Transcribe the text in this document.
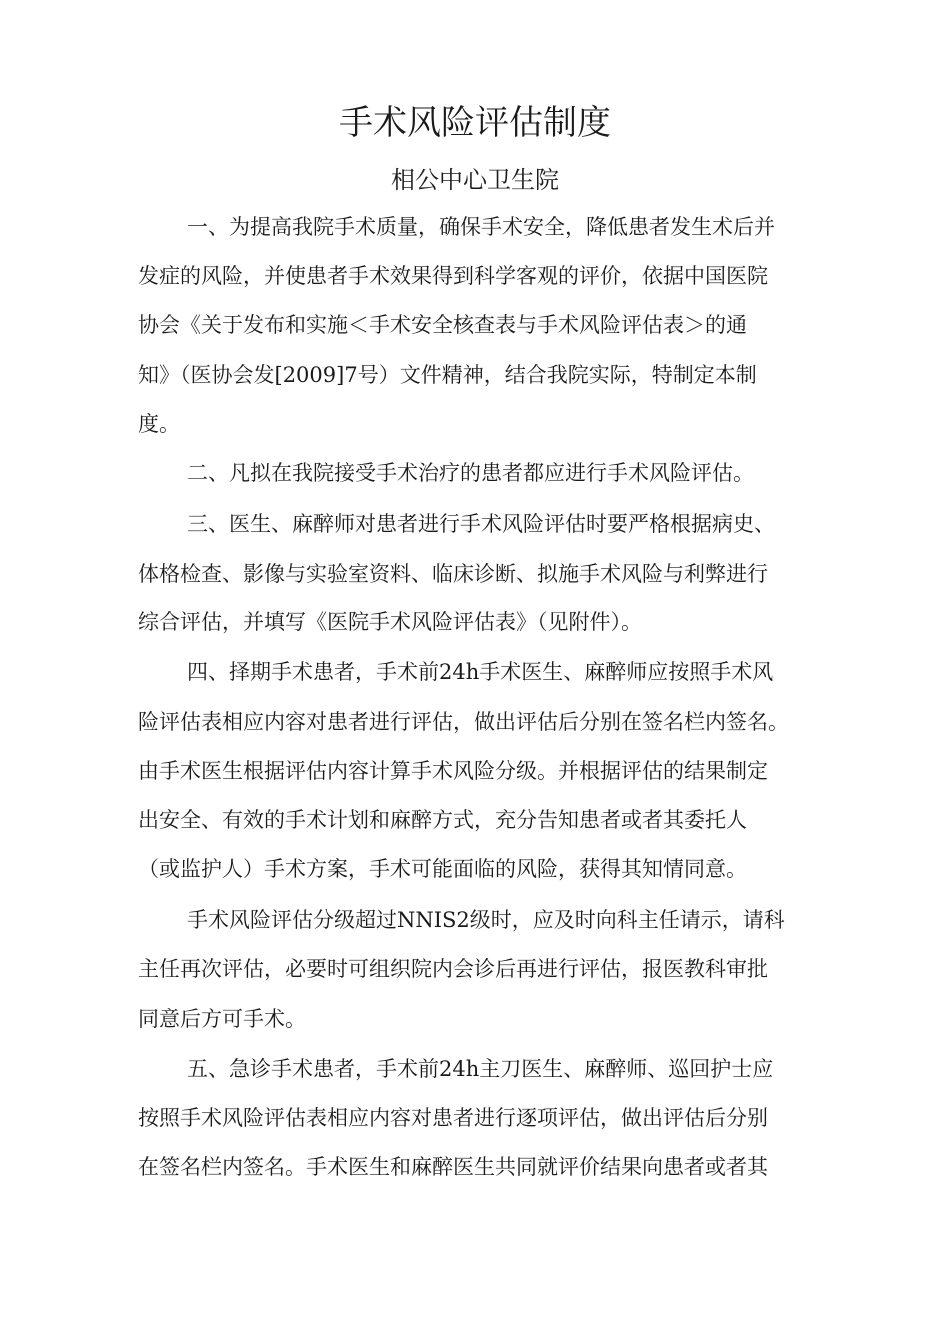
手术风险评估制度
相公中心卫生院

一、为提高我院手术质量，确保手术安全，降低患者发生术后并

发症的风险，并使患者手术效果得到科学客观的评价，依据中国医院

协会《关于发布和实施＜手术安全核查表与手术风险评估表＞的通

知》（医协会发[2009]7号）文件精神，结合我院实际，特制定本制

度。

二、凡拟在我院接受手术治疗的患者都应进行手术风险评估。

三、医生、麻醉师对患者进行手术风险评估时要严格根据病史、

体格检查、影像与实验室资料、临床诊断、拟施手术风险与利弊进行

综合评估，并填写《医院手术风险评估表》（见附件）。

四、择期手术患者，手术前24h手术医生、麻醉师应按照手术风

险评估表相应内容对患者进行评估，做出评估后分别在签名栏内签名。

由手术医生根据评估内容计算手术风险分级。并根据评估的结果制定

出安全、有效的手术计划和麻醉方式，充分告知患者或者其委托人

（或监护人）手术方案，手术可能面临的风险，获得其知情同意。

手术风险评估分级超过NNIS2级时，应及时向科主任请示，请科

主任再次评估，必要时可组织院内会诊后再进行评估，报医教科审批

同意后方可手术。

五、急诊手术患者，手术前24h主刀医生、麻醉师、巡回护士应

按照手术风险评估表相应内容对患者进行逐项评估，做出评估后分别

在签名栏内签名。手术医生和麻醉医生共同就评价结果向患者或者其
